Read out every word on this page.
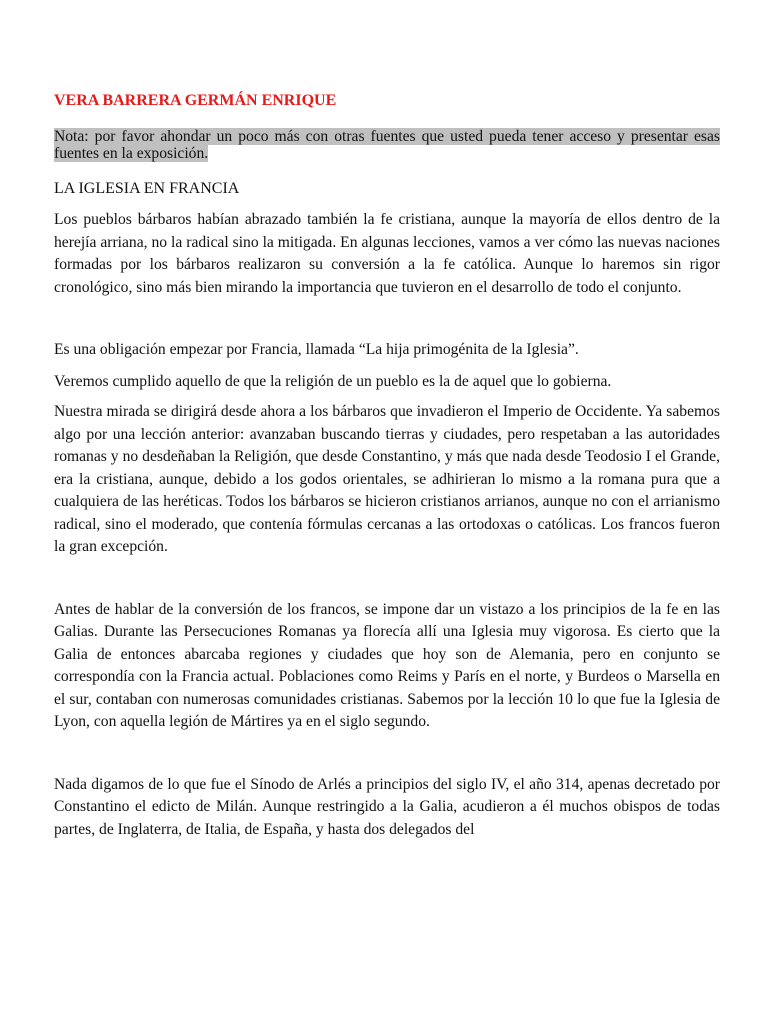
VERA BARRERA GERMÁN ENRIQUE

Nota: por favor ahondar un poco más con otras fuentes que usted pueda tener acceso y presentar esas fuentes en la exposición.

LA IGLESIA EN FRANCIA

Los pueblos bárbaros habían abrazado también la fe cristiana, aunque la mayoría de ellos dentro de la herejía arriana, no la radical sino la mitigada. En algunas lecciones, vamos a ver cómo las nuevas naciones formadas por los bárbaros realizaron su conversión a la fe católica. Aunque lo haremos sin rigor cronológico, sino más bien mirando la importancia que tuvieron en el desarrollo de todo el conjunto.

Es una obligación empezar por Francia, llamada “La hija primogénita de la Iglesia”.

Veremos cumplido aquello de que la religión de un pueblo es la de aquel que lo gobierna.

Nuestra mirada se dirigirá desde ahora a los bárbaros que invadieron el Imperio de Occidente. Ya sabemos algo por una lección anterior: avanzaban buscando tierras y ciudades, pero respetaban a las autoridades romanas y no desdeñaban la Religión, que desde Constantino, y más que nada desde Teodosio I el Grande, era la cristiana, aunque, debido a los godos orientales, se adhirieran lo mismo a la romana pura que a cualquiera de las heréticas. Todos los bárbaros se hicieron cristianos arrianos, aunque no con el arrianismo radical, sino el moderado, que contenía fórmulas cercanas a las ortodoxas o católicas. Los francos fueron la gran excepción.

Antes de hablar de la conversión de los francos, se impone dar un vistazo a los principios de la fe en las Galias. Durante las Persecuciones Romanas ya florecía allí una Iglesia muy vigorosa. Es cierto que la Galia de entonces abarcaba regiones y ciudades que hoy son de Alemania, pero en conjunto se correspondía con la Francia actual. Poblaciones como Reims y París en el norte, y Burdeos o Marsella en el sur, contaban con numerosas comunidades cristianas. Sabemos por la lección 10 lo que fue la Iglesia de Lyon, con aquella legión de Mártires ya en el siglo segundo.

Nada digamos de lo que fue el Sínodo de Arlés a principios del siglo IV, el año 314, apenas decretado por Constantino el edicto de Milán. Aunque restringido a la Galia, acudieron a él muchos obispos de todas partes, de Inglaterra, de Italia, de España, y hasta dos delegados del
